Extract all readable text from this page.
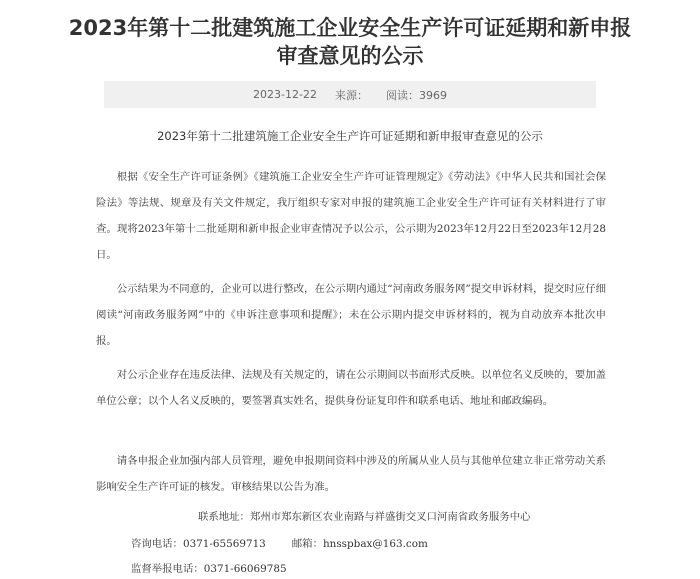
2023年第十二批建筑施工企业安全生产许可证延期和新申报审查意见的公示
2023-12-22 来源： 阅读：3969

2023年第十二批建筑施工企业安全生产许可证延期和新申报审查意见的公示

根据《安全生产许可证条例》《建筑施工企业安全生产许可证管理规定》《劳动法》《中华人民共和国社会保险法》等法规、规章及有关文件规定，我厅组织专家对申报的建筑施工企业安全生产许可证有关材料进行了审查。现将2023年第十二批延期和新申报企业审查情况予以公示，公示期为2023年12月22日至2023年12月28日。

公示结果为不同意的，企业可以进行整改，在公示期内通过“河南政务服务网”提交申诉材料，提交时应仔细阅读“河南政务服务网”中的《申诉注意事项和提醒》；未在公示期内提交申诉材料的，视为自动放弃本批次申报。

对公示企业存在违反法律、法规及有关规定的，请在公示期间以书面形式反映。以单位名义反映的，要加盖单位公章；以个人名义反映的，要签署真实姓名，提供身份证复印件和联系电话、地址和邮政编码。

请各申报企业加强内部人员管理，避免申报期间资料中涉及的所属从业人员与其他单位建立非正常劳动关系影响安全生产许可证的核发。审核结果以公告为准。

联系地址：郑州市郑东新区农业南路与祥盛街交叉口河南省政务服务中心

咨询电话：0371-65569713	邮箱：hnsspbax@163.com

监督举报电话：0371-66069785
